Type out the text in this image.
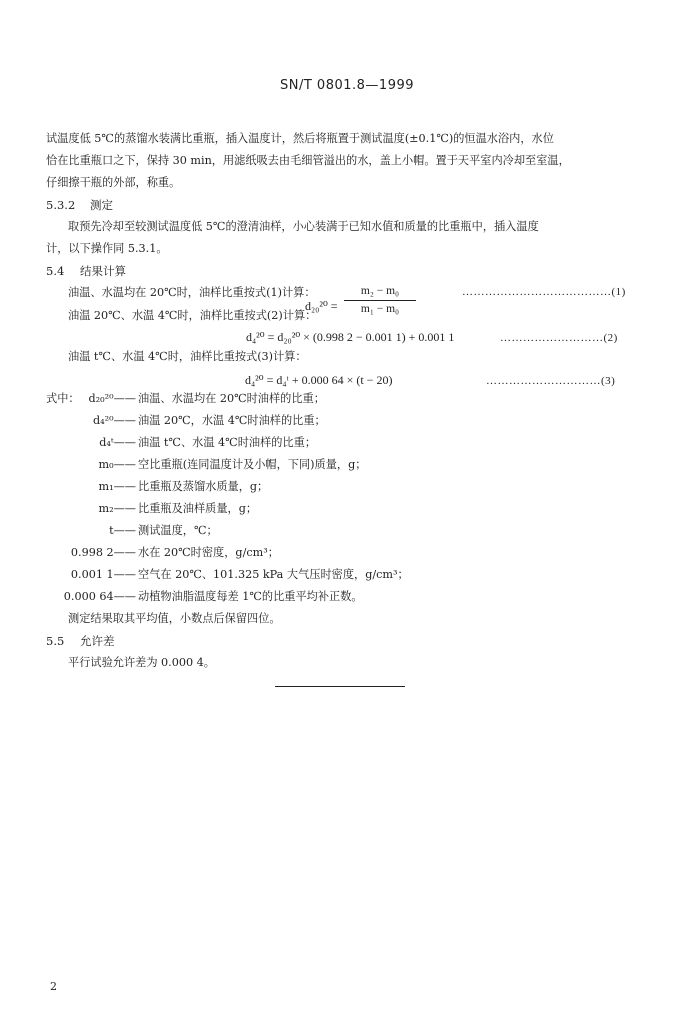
SN/T 0801.8—1999
试温度低 5℃的蒸馏水装满比重瓶，插入温度计，然后将瓶置于测试温度(±0.1℃)的恒温水浴内，水位
恰在比重瓶口之下，保持 30 min，用滤纸吸去由毛细管溢出的水，盖上小帽。置于天平室内冷却至室温，
仔细擦干瓶的外部，称重。
5.3.2 测定
取预先冷却至较测试温度低 5℃的澄清油样，小心装满于已知水值和质量的比重瓶中，插入温度
计，以下操作同 5.3.1。
5.4 结果计算
油温、水温均在 20℃时，油样比重按式(1)计算：
d₂₀²⁰ =
m₂ − m₀
m₁ − m₀
…………………………………(1)
油温 20℃、水温 4℃时，油样比重按式(2)计算：
d₄²⁰ = d₂₀²⁰ × (0.998 2 − 0.001 1) + 0.001 1	………………………(2)
油温 t℃、水温 4℃时，油样比重按式(3)计算：
d₄²⁰ = d₄ᵗ + 0.000 64 × (t − 20)	…………………………(3)
式中： d₂₀²⁰—— 油温、水温均在 20℃时油样的比重；
d₄²⁰—— 油温 20℃，水温 4℃时油样的比重；
d₄ᵗ—— 油温 t℃、水温 4℃时油样的比重；
m₀—— 空比重瓶(连同温度计及小帽，下同)质量，g；
m₁—— 比重瓶及蒸馏水质量，g；
m₂—— 比重瓶及油样质量，g；
t—— 测试温度，℃；
0.998 2—— 水在 20℃时密度，g/cm³；
0.001 1—— 空气在 20℃、101.325 kPa 大气压时密度，g/cm³；
0.000 64—— 动植物油脂温度每差 1℃的比重平均补正数。
测定结果取其平均值，小数点后保留四位。
5.5 允许差
平行试验允许差为 0.000 4。
2
